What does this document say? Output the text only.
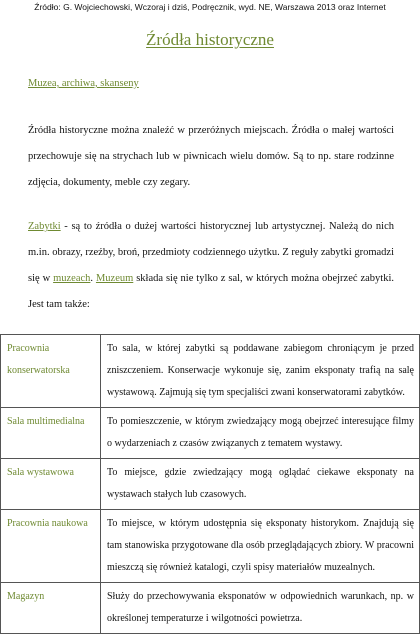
Źródło: G. Wojciechowski, Wczoraj i dziś, Podręcznik, wyd. NE, Warszawa 2013 oraz Internet
Źródła historyczne
Muzea, archiwa, skanseny

Źródła historyczne można znaleźć w przeróżnych miejscach. Źródła o małej wartości przechowuje się na strychach lub w piwnicach wielu domów. Są to np. stare rodzinne zdjęcia, dokumenty, meble czy zegary.

Zabytki - są to źródła o dużej wartości historycznej lub artystycznej. Należą do nich m.in. obrazy, rzeźby, broń, przedmioty codziennego użytku. Z reguły zabytki gromadzi się w muzeach. Muzeum składa się nie tylko z sal, w których można obejrzeć zabytki. Jest tam także:

Pracownia konserwatorska	To sala, w której zabytki są poddawane zabiegom chroniącym je przed zniszczeniem. Konserwacje wykonuje się, zanim eksponaty trafią na salę wystawową. Zajmują się tym specjaliści zwani konserwatorami zabytków.
Sala multimedialna	To pomieszczenie, w którym zwiedzający mogą obejrzeć interesujące filmy o wydarzeniach z czasów związanych z tematem wystawy.
Sala wystawowa	To miejsce, gdzie zwiedzający mogą oglądać ciekawe eksponaty na wystawach stałych lub czasowych.
Pracownia naukowa	To miejsce, w którym udostępnia się eksponaty historykom. Znajdują się tam stanowiska przygotowane dla osób przeglądających zbiory. W pracowni mieszczą się również katalogi, czyli spisy materiałów muzealnych.
Magazyn	Służy do przechowywania eksponatów w odpowiednich warunkach, np. w określonej temperaturze i wilgotności powietrza.
